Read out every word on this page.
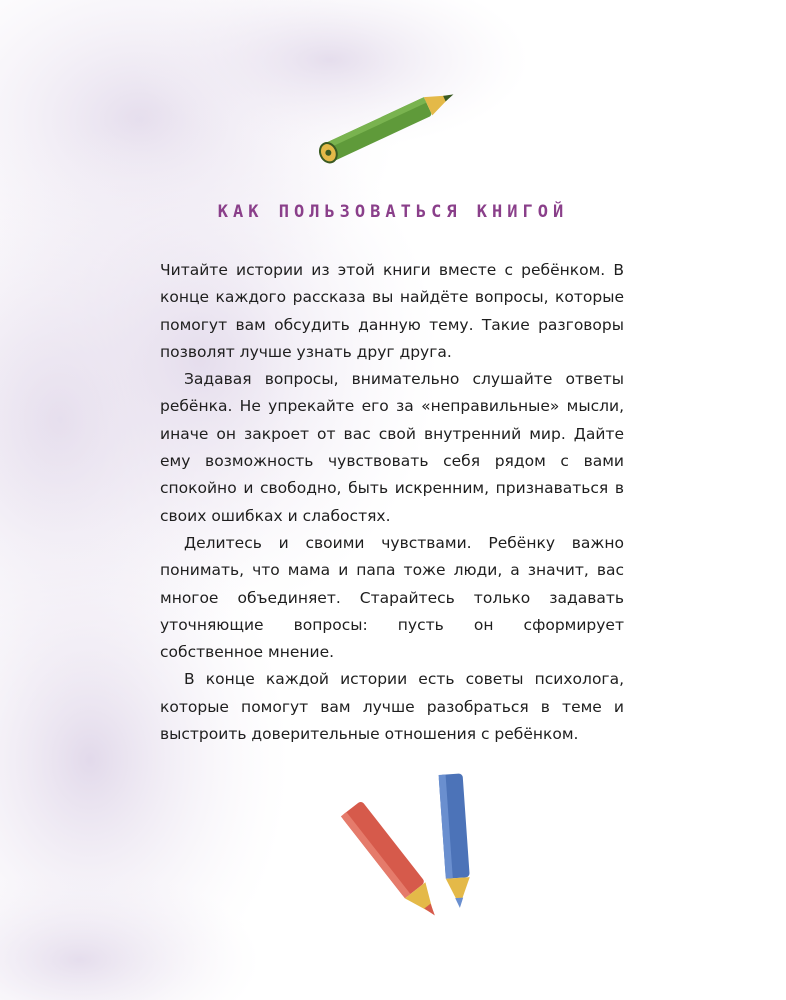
КАК ПОЛЬЗОВАТЬСЯ КНИГОЙ

Читайте истории из этой книги вместе с ребёнком. В конце каждого рассказа вы найдёте вопросы, которые помогут вам обсудить данную тему. Такие разговоры позволят лучше узнать друг друга.

Задавая вопросы, внимательно слушайте ответы ребёнка. Не упрекайте его за «неправильные» мысли, иначе он закроет от вас свой внутренний мир. Дайте ему возможность чувствовать себя рядом с вами спокойно и свободно, быть искренним, признаваться в своих ошибках и слабостях.

Делитесь и своими чувствами. Ребёнку важно понимать, что мама и папа тоже люди, а значит, вас многое объединяет. Старайтесь только задавать уточняющие вопросы: пусть он сформирует собственное мнение.

В конце каждой истории есть советы психолога, которые помогут вам лучше разобраться в теме и выстроить доверительные отношения с ребёнком.
